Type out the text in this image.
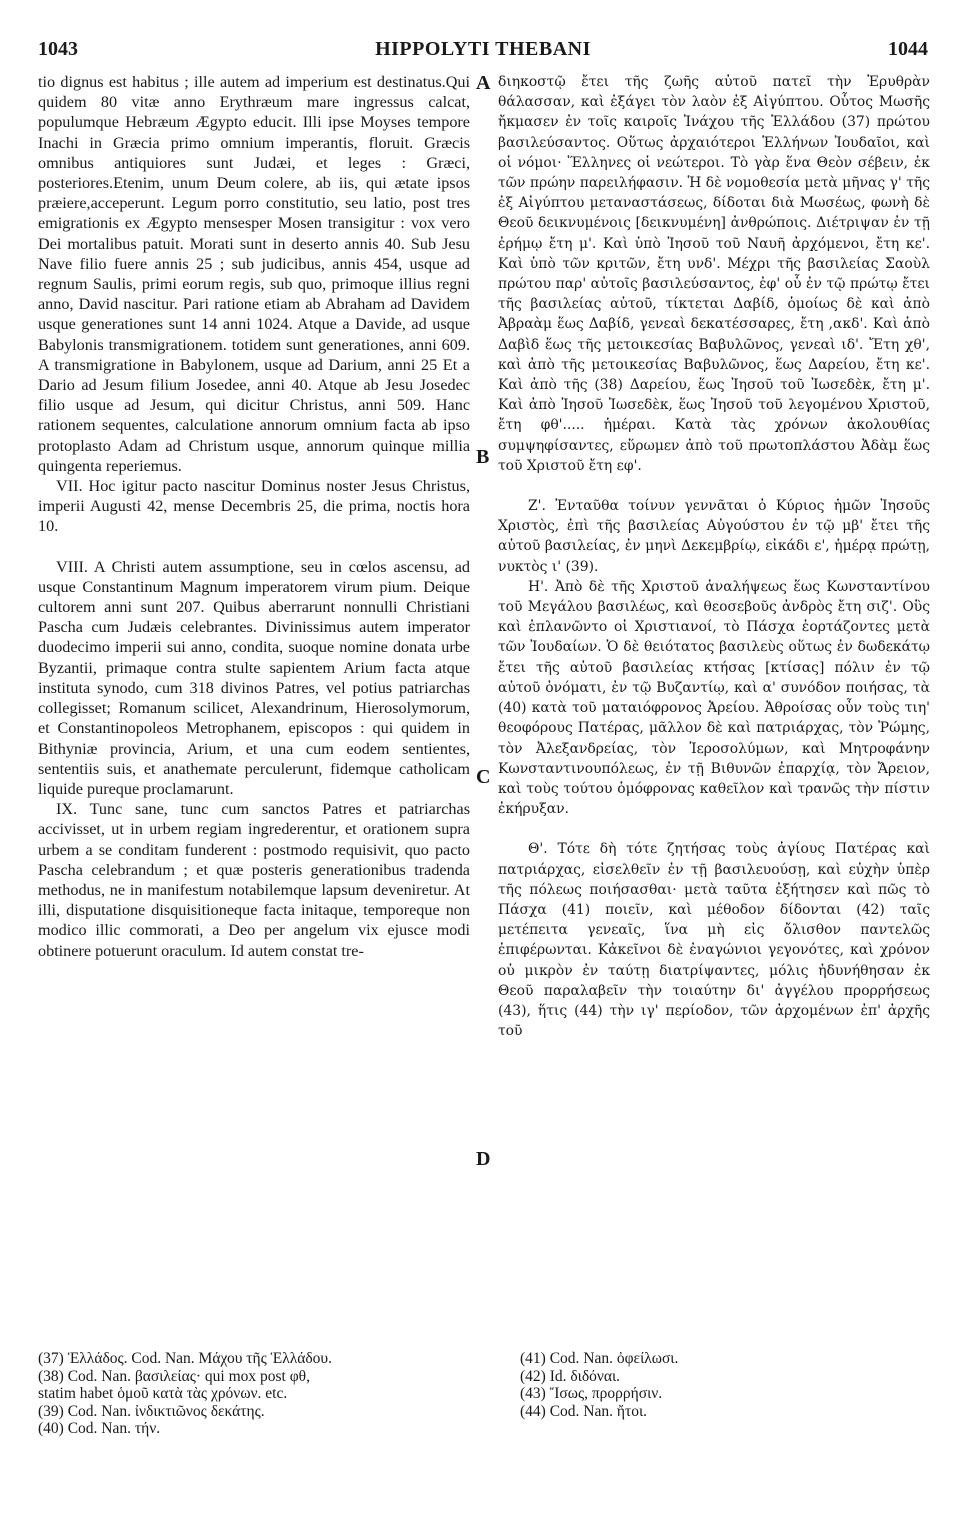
1043	HIPPOLYTI THEBANI	1044

tio dignus est habitus ; ille autem ad imperium est destinatus.Qui quidem 80 vitæ anno Erythræum mare ingressus calcat, populumque Hebræum Ægypto educit. Illi ipse Moyses tempore Inachi in Græcia primo omnium imperantis, floruit. Græcis omnibus antiquiores sunt Judæi, et leges : Græci, posteriores.Etenim, unum Deum colere, ab iis, qui ætate ipsos præiere,acceperunt. Legum porro constitutio, seu latio, post tres emigrationis ex Ægypto mensesper Mosen transigitur : vox vero Dei mortalibus patuit. Morati sunt in deserto annis 40. Sub Jesu Nave filio fuere annis 25 ; sub judicibus, annis 454, usque ad regnum Saulis, primi eorum regis, sub quo, primoque illius regni anno, David nascitur. Pari ratione etiam ab Abraham ad Davidem usque generationes sunt 14 anni 1024. Atque a Davide, ad usque Babylonis transmigrationem. totidem sunt generationes, anni 609. A transmigratione in Babylonem, usque ad Darium, anni 25 Et a Dario ad Jesum filium Josedee, anni 40. Atque ab Jesu Josedec filio usque ad Jesum, qui dicitur Christus, anni 509. Hanc rationem sequentes, calculatione annorum omnium facta ab ipso protoplasto Adam ad Christum usque, annorum quinque millia quingenta reperiemus.

VII. Hoc igitur pacto nascitur Dominus noster Jesus Christus, imperii Augusti 42, mense Decembris 25, die prima, noctis hora 10.

VIII. A Christi autem assumptione, seu in cœlos ascensu, ad usque Constantinum Magnum imperatorem virum pium. Deique cultorem anni sunt 207. Quibus aberrarunt nonnulli Christiani Pascha cum Judæis celebrantes. Divinissimus autem imperator duodecimo imperii sui anno, condita, suoque nomine donata urbe Byzantii, primaque contra stulte sapientem Arium facta atque instituta synodo, cum 318 divinos Patres, vel potius patriarchas collegisset; Romanum scilicet, Alexandrinum, Hierosolymorum, et Constantinopoleos Metrophanem, episcopos : qui quidem in Bithyniæ provincia, Arium, et una cum eodem sentientes, sententiis suis, et anathemate perculerunt, fidemque catholicam liquide pureque proclamarunt.

IX. Tunc sane, tunc cum sanctos Patres et patriarchas accivisset, ut in urbem regiam ingrederentur, et orationem supra urbem a se conditam funderent : postmodo requisivit, quo pacto Pascha celebrandum ; et quæ posteris generationibus tradenda methodus, ne in manifestum notabilemque lapsum deveniretur. At illi, disputatione disquisitioneque facta initaque, temporeque non modico illic commorati, a Deo per angelum vix ejusce modi obtinere potuerunt oraculum. Id autem constat tre-

A
B
C
D

διηκοστῷ ἔτει τῆς ζωῆς αὐτοῦ πατεῖ τὴν Ἐρυθρὰν θάλασσαν, καὶ ἐξάγει τὸν λαὸν ἐξ Αἰγύπτου. Οὗτος Μωσῆς ἤκμασεν ἐν τοῖς καιροῖς Ἰνάχου τῆς Ἑλλάδου (37) πρώτου βασιλεύσαντος. Οὕτως ἀρχαιότεροι Ἑλλήνων Ἰουδαῖοι, καὶ οἱ νόμοι· Ἕλληνες οἱ νεώτεροι. Τὸ γὰρ ἕνα Θεὸν σέβειν, ἐκ τῶν πρώην παρειλήφασιν. Ἡ δὲ νομοθεσία μετὰ μῆνας γ' τῆς ἐξ Αἰγύπτου μεταναστάσεως, δίδοται διὰ Μωσέως, φωνὴ δὲ Θεοῦ δεικνυμένοις [δεικνυμένη] ἀνθρώποις. Διέτριψαν ἐν τῇ ἐρήμῳ ἔτη μ'. Καὶ ὑπὸ Ἰησοῦ τοῦ Ναυῆ ἀρχόμενοι, ἔτη κε'. Καὶ ὑπὸ τῶν κριτῶν, ἔτη υνδ'. Μέχρι τῆς βασιλείας Σαοὺλ πρώτου παρ' αὐτοῖς βασιλεύσαντος, ἐφ' οὗ ἐν τῷ πρώτῳ ἔτει τῆς βασιλείας αὐτοῦ, τίκτεται Δαβίδ, ὁμοίως δὲ καὶ ἀπὸ Ἀβραὰμ ἕως Δαβίδ, γενεαὶ δεκατέσσαρες, ἔτη ,ακδ'. Καὶ ἀπὸ Δαβὶδ ἕως τῆς μετοικεσίας Βαβυλῶνος, γενεαὶ ιδ'. Ἔτη χθ', καὶ ἀπὸ τῆς μετοικεσίας Βαβυλῶνος, ἕως Δαρείου, ἔτη κε'. Καὶ ἀπὸ τῆς (38) Δαρείου, ἕως Ἰησοῦ τοῦ Ἰωσεδὲκ, ἔτη μ'. Καὶ ἀπὸ Ἰησοῦ Ἰωσεδὲκ, ἕως Ἰησοῦ τοῦ λεγομένου Χριστοῦ, ἔτη φθ'..... ἡμέραι. Κατὰ τὰς χρόνων ἀκολουθίας συμψηφίσαντες, εὕρωμεν ἀπὸ τοῦ πρωτοπλάστου Ἀδὰμ ἕως τοῦ Χριστοῦ ἔτη εφ'.

Ζ'. Ἐνταῦθα τοίνυν γεννᾶται ὁ Κύριος ἡμῶν Ἰησοῦς Χριστὸς, ἐπὶ τῆς βασιλείας Αὐγούστου ἐν τῷ μβ' ἔτει τῆς αὐτοῦ βασιλείας, ἐν μηνὶ Δεκεμβρίῳ, εἰκάδι ε', ἡμέρᾳ πρώτῃ, νυκτὸς ι' (39).

Η'. Ἀπὸ δὲ τῆς Χριστοῦ ἀναλήψεως ἕως Κωνσταντίνου τοῦ Μεγάλου βασιλέως, καὶ θεοσεβοῦς ἀνδρὸς ἔτη σιζ'. Οὓς καὶ ἐπλανῶντο οἱ Χριστιανοί, τὸ Πάσχα ἑορτάζοντες μετὰ τῶν Ἰουδαίων. Ὁ δὲ θειότατος βασιλεὺς οὕτως ἐν δωδεκάτῳ ἔτει τῆς αὐτοῦ βασιλείας κτήσας [κτίσας] πόλιν ἐν τῷ αὐτοῦ ὀνόματι, ἐν τῷ Βυζαντίῳ, καὶ α' συνόδον ποιήσας, τὰ (40) κατὰ τοῦ ματαιόφρονος Ἀρείου. Ἀθροίσας οὖν τοὺς τιη' θεοφόρους Πατέρας, μᾶλλον δὲ καὶ πατριάρχας, τὸν Ῥώμης, τὸν Ἀλεξανδρείας, τὸν Ἱεροσολύμων, καὶ Μητροφάνην Κωνσταντινουπόλεως, ἐν τῇ Βιθυνῶν ἐπαρχίᾳ, τὸν Ἄρειον, καὶ τοὺς τούτου ὁμόφρονας καθεῖλον καὶ τρανῶς τὴν πίστιν ἐκήρυξαν.

Θ'. Τότε δὴ τότε ζητήσας τοὺς ἁγίους Πατέρας καὶ πατριάρχας, εἰσελθεῖν ἐν τῇ βασιλευούσῃ, καὶ εὐχὴν ὑπὲρ τῆς πόλεως ποιήσασθαι· μετὰ ταῦτα ἐξήτησεν καὶ πῶς τὸ Πάσχα (41) ποιεῖν, καὶ μέθοδον δίδονται (42) ταῖς μετέπειτα γενεαῖς, ἵνα μὴ εἰς ὄλισθον παντελῶς ἐπιφέρωνται. Κἀκεῖνοι δὲ ἐναγώνιοι γεγονότες, καὶ χρόνον οὐ μικρὸν ἐν ταύτῃ διατρίψαντες, μόλις ἠδυνήθησαν ἐκ Θεοῦ παραλαβεῖν τὴν τοιαύτην δι' ἀγγέλου προρρήσεως (43), ἥτις (44) τὴν ιγ' περίοδον, τῶν ἀρχομένων ἐπ' ἀρχῆς τοῦ

(37) Ἐλλάδος. Cod. Nan. Μάχου τῆς Ἑλλάδου.
(38) Cod. Nan. βασιλείας· qui mox post φθ,
statim habet ὁμοῦ κατὰ τὰς χρόνων. etc.
(39) Cod. Nan. ἰνδικτιῶνος δεκάτης.
(40) Cod. Nan. τήν.
(41) Cod. Nan. ὀφείλωσι.
(42) Id. διδόναι.
(43) Ἴσως, προρρήσιν.
(44) Cod. Nan. ἤτοι.
